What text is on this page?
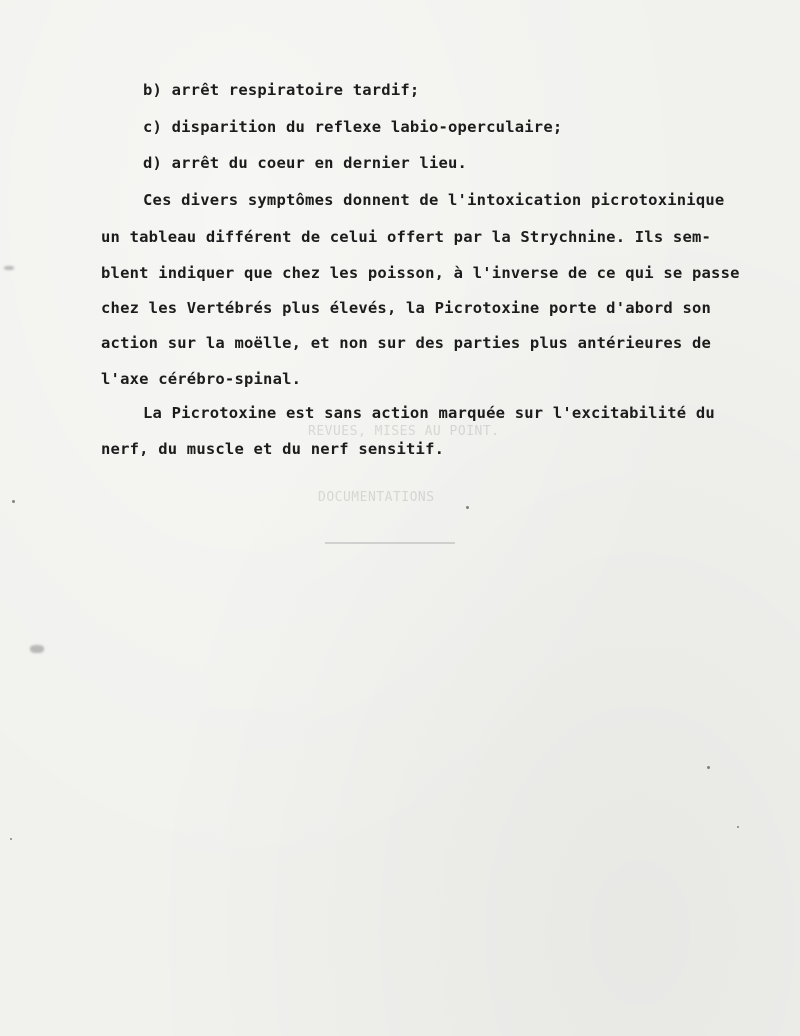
REVUES, MISES AU POINT.
DOCUMENTATIONS
b) arrêt respiratoire tardif;
c) disparition du reflexe labio-operculaire;
d) arrêt du coeur en dernier lieu.
Ces divers symptômes donnent de l'intoxication picrotoxinique
un tableau différent de celui offert par la Strychnine. Ils sem-
blent indiquer que chez les poisson, à l'inverse de ce qui se passe
chez les Vertébrés plus élevés, la Picrotoxine porte d'abord son
action sur la moëlle, et non sur des parties plus antérieures de
l'axe cérébro-spinal.
La Picrotoxine est sans action marquée sur l'excitabilité du
nerf, du muscle et du nerf sensitif.
